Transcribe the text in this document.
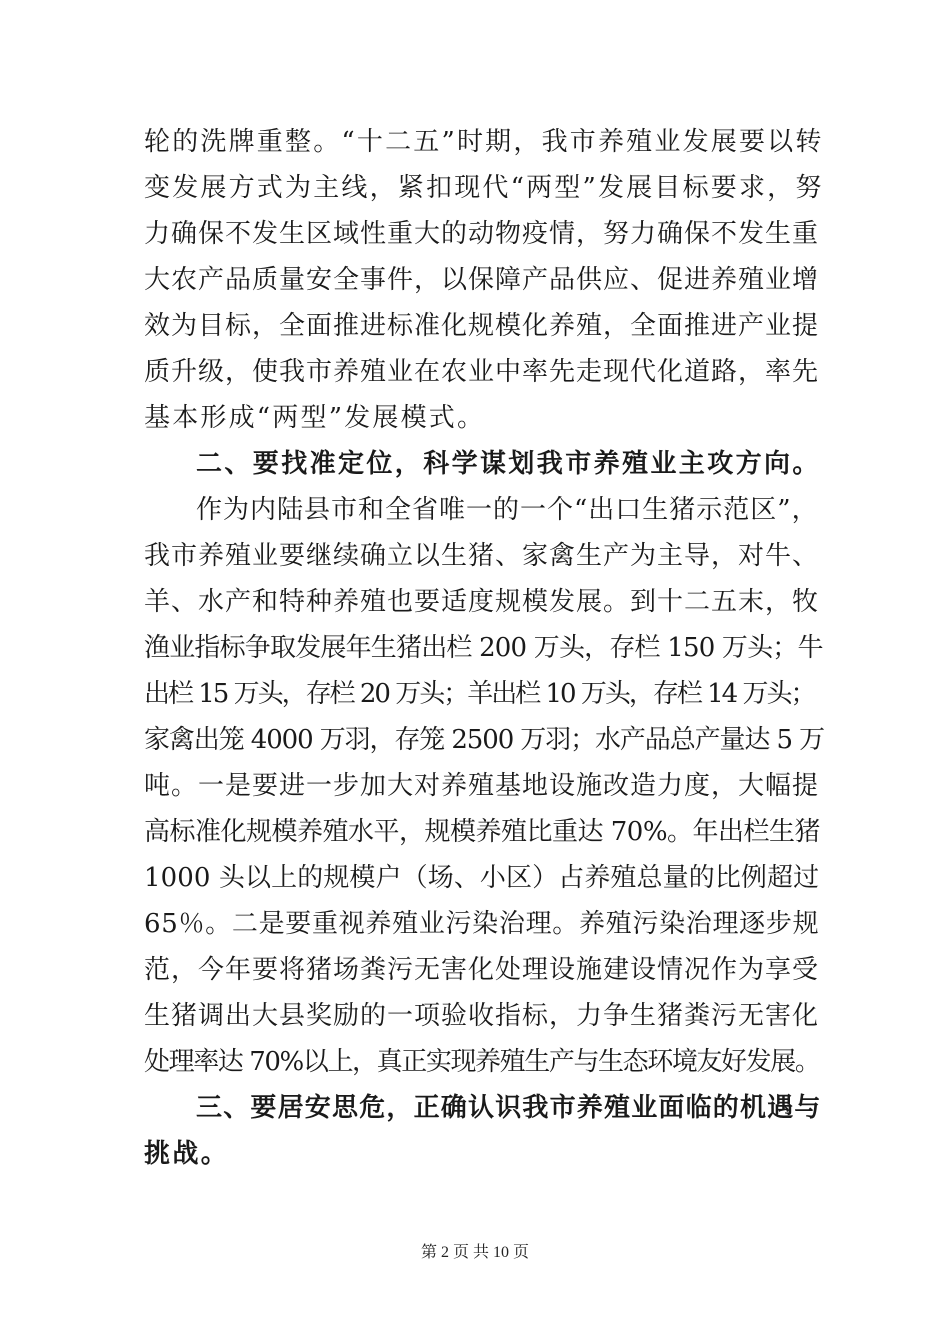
轮的洗牌重整。“十二五”时期，我市养殖业发展要以转
变发展方式为主线，紧扣现代“两型”发展目标要求，努
力确保不发生区域性重大的动物疫情，努力确保不发生重
大农产品质量安全事件，以保障产品供应、促进养殖业增
效为目标，全面推进标准化规模化养殖，全面推进产业提
质升级，使我市养殖业在农业中率先走现代化道路，率先
基本形成“两型”发展模式。
二、要找准定位，科学谋划我市养殖业主攻方向。
作为内陆县市和全省唯一的一个“出口生猪示范区”，
我市养殖业要继续确立以生猪、家禽生产为主导，对牛、
羊、水产和特种养殖也要适度规模发展。到十二五末，牧
渔业指标争取发展年生猪出栏 200 万头，存栏 150 万头；牛
出栏 15 万头，存栏 20 万头；羊出栏 10 万头，存栏 14 万头；
家禽出笼 4000 万羽，存笼 2500 万羽；水产品总产量达 5 万
吨。一是要进一步加大对养殖基地设施改造力度，大幅提
高标准化规模养殖水平，规模养殖比重达 70%。年出栏生猪
1000 头以上的规模户（场、小区）占养殖总量的比例超过
65％。二是要重视养殖业污染治理。养殖污染治理逐步规
范，今年要将猪场粪污无害化处理设施建设情况作为享受
生猪调出大县奖励的一项验收指标，力争生猪粪污无害化
处理率达 70%以上，真正实现养殖生产与生态环境友好发展。
三、要居安思危，正确认识我市养殖业面临的机遇与
挑战。
第 2 页 共 10 页
